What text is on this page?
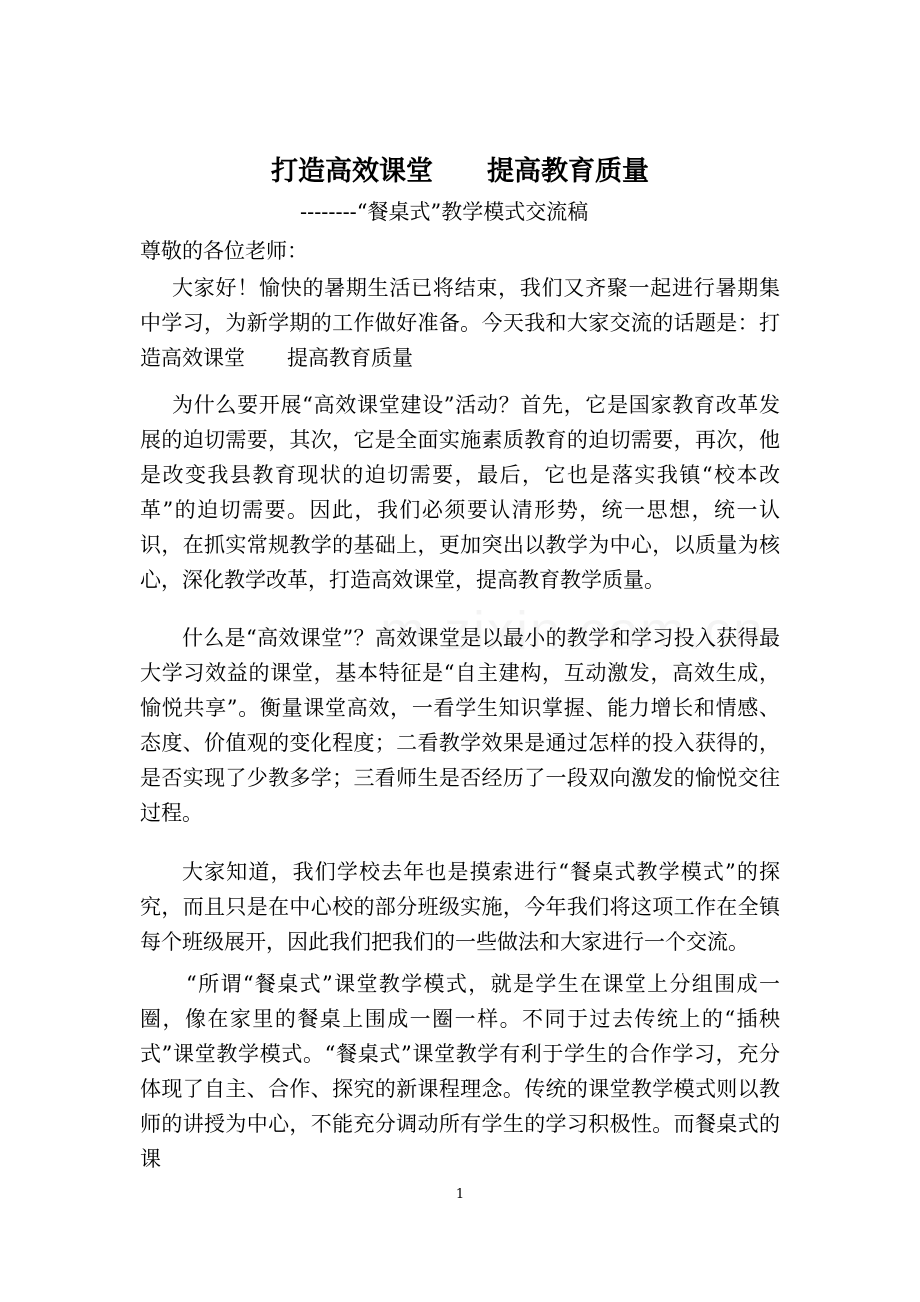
打造高效课堂　　提高教育质量
--------“餐桌式”教学模式交流稿
尊敬的各位老师：
大家好！愉快的暑期生活已将结束，我们又齐聚一起进行暑期集中学习，为新学期的工作做好准备。今天我和大家交流的话题是：打造高效课堂　　提高教育质量
为什么要开展“高效课堂建设”活动？首先，它是国家教育改革发展的迫切需要，其次，它是全面实施素质教育的迫切需要，再次，他是改变我县教育现状的迫切需要，最后，它也是落实我镇“校本改革”的迫切需要。因此，我们必须要认清形势，统一思想，统一认识，在抓实常规教学的基础上，更加突出以教学为中心，以质量为核心，深化教学改革，打造高效课堂，提高教育教学质量。
什么是“高效课堂”？高效课堂是以最小的教学和学习投入获得最大学习效益的课堂，基本特征是“自主建构，互动激发，高效生成，愉悦共享”。衡量课堂高效，一看学生知识掌握、能力增长和情感、态度、价值观的变化程度；二看教学效果是通过怎样的投入获得的，是否实现了少教多学；三看师生是否经历了一段双向激发的愉悦交往过程。
大家知道，我们学校去年也是摸索进行“餐桌式教学模式”的探究，而且只是在中心校的部分班级实施，今年我们将这项工作在全镇每个班级展开，因此我们把我们的一些做法和大家进行一个交流。
“所谓“餐桌式”课堂教学模式，就是学生在课堂上分组围成一圈，像在家里的餐桌上围成一圈一样。不同于过去传统上的“插秧式”课堂教学模式。“餐桌式”课堂教学有利于学生的合作学习，充分体现了自主、合作、探究的新课程理念。传统的课堂教学模式则以教师的讲授为中心，不能充分调动所有学生的学习积极性。而餐桌式的课
1
